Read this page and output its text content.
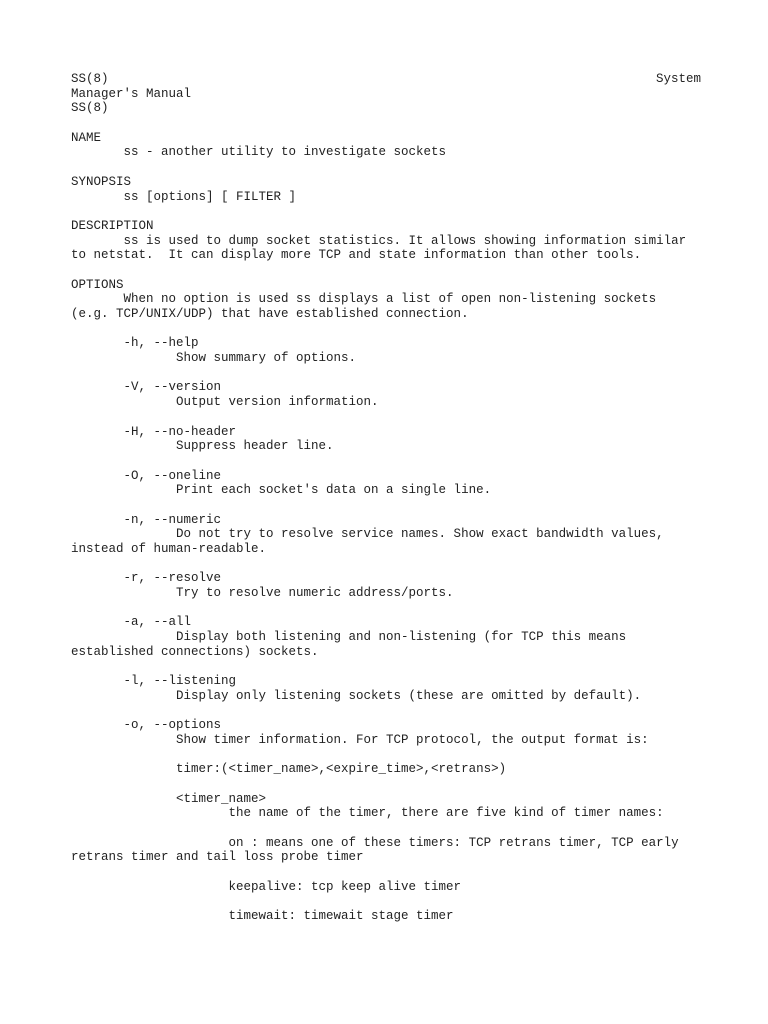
SS(8)	System
Manager's Manual
SS(8)
NAME
ss - another utility to investigate sockets
SYNOPSIS
ss [options] [ FILTER ]
DESCRIPTION
ss is used to dump socket statistics. It allows showing information similar
to netstat.  It can display more TCP and state information than other tools.
OPTIONS
When no option is used ss displays a list of open non-listening sockets
(e.g. TCP/UNIX/UDP) that have established connection.
-h, --help
Show summary of options.
-V, --version
Output version information.
-H, --no-header
Suppress header line.
-O, --oneline
Print each socket's data on a single line.
-n, --numeric
Do not try to resolve service names. Show exact bandwidth values,
instead of human-readable.
-r, --resolve
Try to resolve numeric address/ports.
-a, --all
Display both listening and non-listening (for TCP this means
established connections) sockets.
-l, --listening
Display only listening sockets (these are omitted by default).
-o, --options
Show timer information. For TCP protocol, the output format is:
timer:(<timer_name>,<expire_time>,<retrans>)
<timer_name>
the name of the timer, there are five kind of timer names:
on : means one of these timers: TCP retrans timer, TCP early
retrans timer and tail loss probe timer
keepalive: tcp keep alive timer
timewait: timewait stage timer
